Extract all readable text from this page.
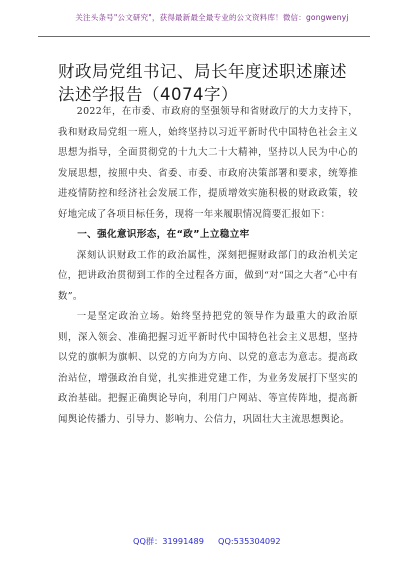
关注头条号"公文研究"，获得最新最全最专业的公文资料库！微信：gongwenyj
财政局党组书记、局长年度述职述廉述法述学报告（4074字）

2022年，在市委、市政府的坚强领导和省财政厅的大力支持下，我和财政局党组一班人，始终坚持以习近平新时代中国特色社会主义思想为指导，全面贯彻党的十九大二十大精神，坚持以人民为中心的发展思想，按照中央、省委、市委、市政府决策部署和要求，统筹推进疫情防控和经济社会发展工作，提质增效实施积极的财政政策，较好地完成了各项目标任务，现将一年来履职情况简要汇报如下：

一、强化意识形态，在“政”上立稳立牢

深刻认识财政工作的政治属性，深刻把握财政部门的政治机关定位，把讲政治贯彻到工作的全过程各方面，做到“对“国之大者”心中有数”。

一是坚定政治立场。始终坚持把党的领导作为最重大的政治原则，深入领会、准确把握习近平新时代中国特色社会主义思想，坚持以党的旗帜为旗帜、以党的方向为方向、以党的意志为意志。提高政治站位，增强政治自觉，扎实推进党建工作，为业务发展打下坚实的政治基础。把握正确舆论导向，利用门户网站、等宣传阵地，提高新闻舆论传播力、引导力、影响力、公信力，巩固壮大主流思想舆论。

QQ群：31991489 QQ:535304092
